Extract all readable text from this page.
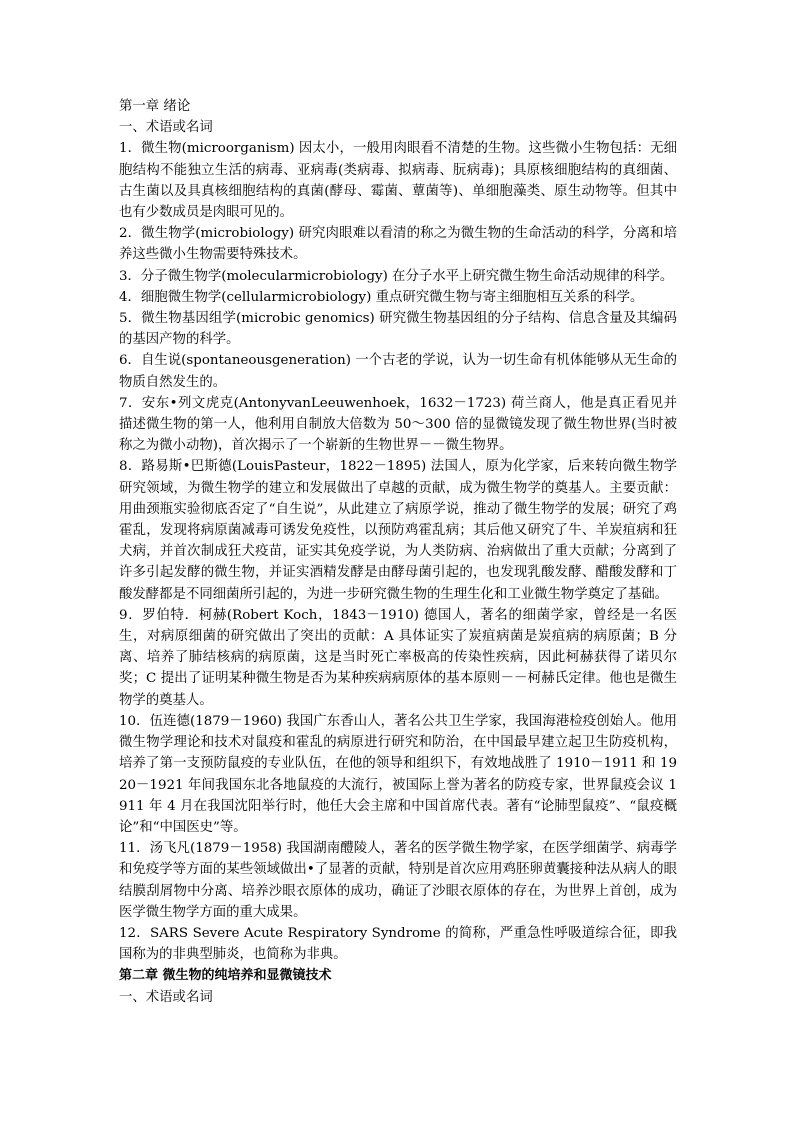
第一章 绪论

一、术语或名词

1．微生物(microorganism) 因太小，一般用肉眼看不清楚的生物。这些微小生物包括：无细胞结构不能独立生活的病毒、亚病毒(类病毒、拟病毒、朊病毒)；具原核细胞结构的真细菌、古生菌以及具真核细胞结构的真菌(酵母、霉菌、蕈菌等)、单细胞藻类、原生动物等。但其中也有少数成员是肉眼可见的。

2．微生物学(microbiology) 研究肉眼难以看清的称之为微生物的生命活动的科学，分离和培养这些微小生物需要特殊技术。

3．分子微生物学(molecularmicrobiology) 在分子水平上研究微生物生命活动规律的科学。

4．细胞微生物学(cellularmicrobiology) 重点研究微生物与寄主细胞相互关系的科学。

5．微生物基因组学(microbic genomics) 研究微生物基因组的分子结构、信息含量及其编码的基因产物的科学。

6．自生说(spontaneousgeneration) 一个古老的学说，认为一切生命有机体能够从无生命的物质自然发生的。

7．安东•列文虎克(AntonyvanLeeuwenhoek，1632－1723) 荷兰商人，他是真正看见并描述微生物的第一人，他利用自制放大倍数为 50～300 倍的显微镜发现了微生物世界(当时被称之为微小动物)，首次揭示了一个崭新的生物世界－－微生物界。

8．路易斯•巴斯德(LouisPasteur，1822－1895) 法国人，原为化学家，后来转向微生物学研究领域，为微生物学的建立和发展做出了卓越的贡献，成为微生物学的奠基人。主要贡献：用曲颈瓶实验彻底否定了“自生说”，从此建立了病原学说，推动了微生物学的发展；研究了鸡霍乱，发现将病原菌减毒可诱发免疫性，以预防鸡霍乱病；其后他又研究了牛、羊炭疽病和狂犬病，并首次制成狂犬疫苗，证实其免疫学说，为人类防病、治病做出了重大贡献；分离到了许多引起发酵的微生物，并证实酒精发酵是由酵母菌引起的，也发现乳酸发酵、醋酸发酵和丁酸发酵都是不同细菌所引起的，为进一步研究微生物的生理生化和工业微生物学奠定了基础。

9．罗伯特．柯赫(Robert Koch，1843－1910) 德国人，著名的细菌学家，曾经是一名医生，对病原细菌的研究做出了突出的贡献：A 具体证实了炭疽病菌是炭疽病的病原菌；B 分离、培养了肺结核病的病原菌，这是当时死亡率极高的传染性疾病，因此柯赫获得了诺贝尔奖；C 提出了证明某种微生物是否为某种疾病病原体的基本原则－－柯赫氏定律。他也是微生物学的奠基人。

10．伍连德(1879－1960) 我国广东香山人，著名公共卫生学家，我国海港检疫创始人。他用微生物学理论和技术对鼠疫和霍乱的病原进行研究和防治，在中国最早建立起卫生防疫机构，培养了第一支预防鼠疫的专业队伍，在他的领导和组织下，有效地战胜了 1910－1911 和 1920－1921 年间我国东北各地鼠疫的大流行，被国际上誉为著名的防疫专家，世界鼠疫会议 1911 年 4 月在我国沈阳举行时，他任大会主席和中国首席代表。著有“论肺型鼠疫”、“鼠疫概论”和“中国医史”等。

11．汤飞凡(1879－1958) 我国湖南醴陵人，著名的医学微生物学家，在医学细菌学、病毒学和免疫学等方面的某些领域做出•了显著的贡献，特别是首次应用鸡胚卵黄囊接种法从病人的眼结膜刮屑物中分离、培养沙眼衣原体的成功，确证了沙眼衣原体的存在，为世界上首创，成为医学微生物学方面的重大成果。

12．SARS Severe Acute Respiratory Syndrome 的简称，严重急性呼吸道综合征，即我国称为的非典型肺炎，也简称为非典。

第二章 微生物的纯培养和显微镜技术

一、术语或名词
